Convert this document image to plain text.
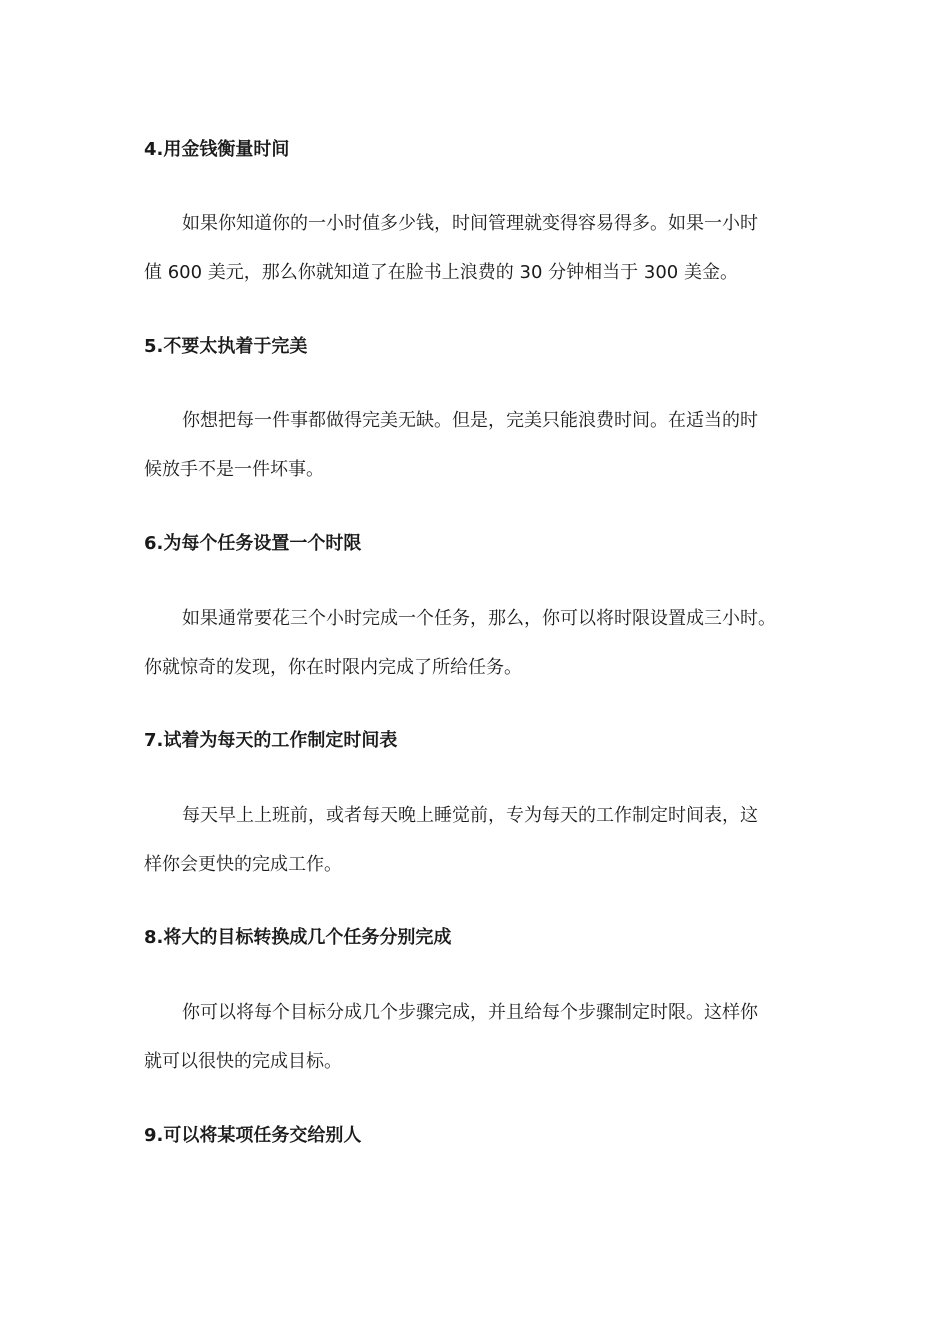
4.用金钱衡量时间
如果你知道你的一小时值多少钱，时间管理就变得容易得多。如果一小时
值 600 美元，那么你就知道了在脸书上浪费的 30 分钟相当于 300 美金。
5.不要太执着于完美
你想把每一件事都做得完美无缺。但是，完美只能浪费时间。在适当的时
候放手不是一件坏事。
6.为每个任务设置一个时限
如果通常要花三个小时完成一个任务，那么，你可以将时限设置成三小时。
你就惊奇的发现，你在时限内完成了所给任务。
7.试着为每天的工作制定时间表
每天早上上班前，或者每天晚上睡觉前，专为每天的工作制定时间表，这
样你会更快的完成工作。
8.将大的目标转换成几个任务分别完成
你可以将每个目标分成几个步骤完成，并且给每个步骤制定时限。这样你
就可以很快的完成目标。
9.可以将某项任务交给别人
